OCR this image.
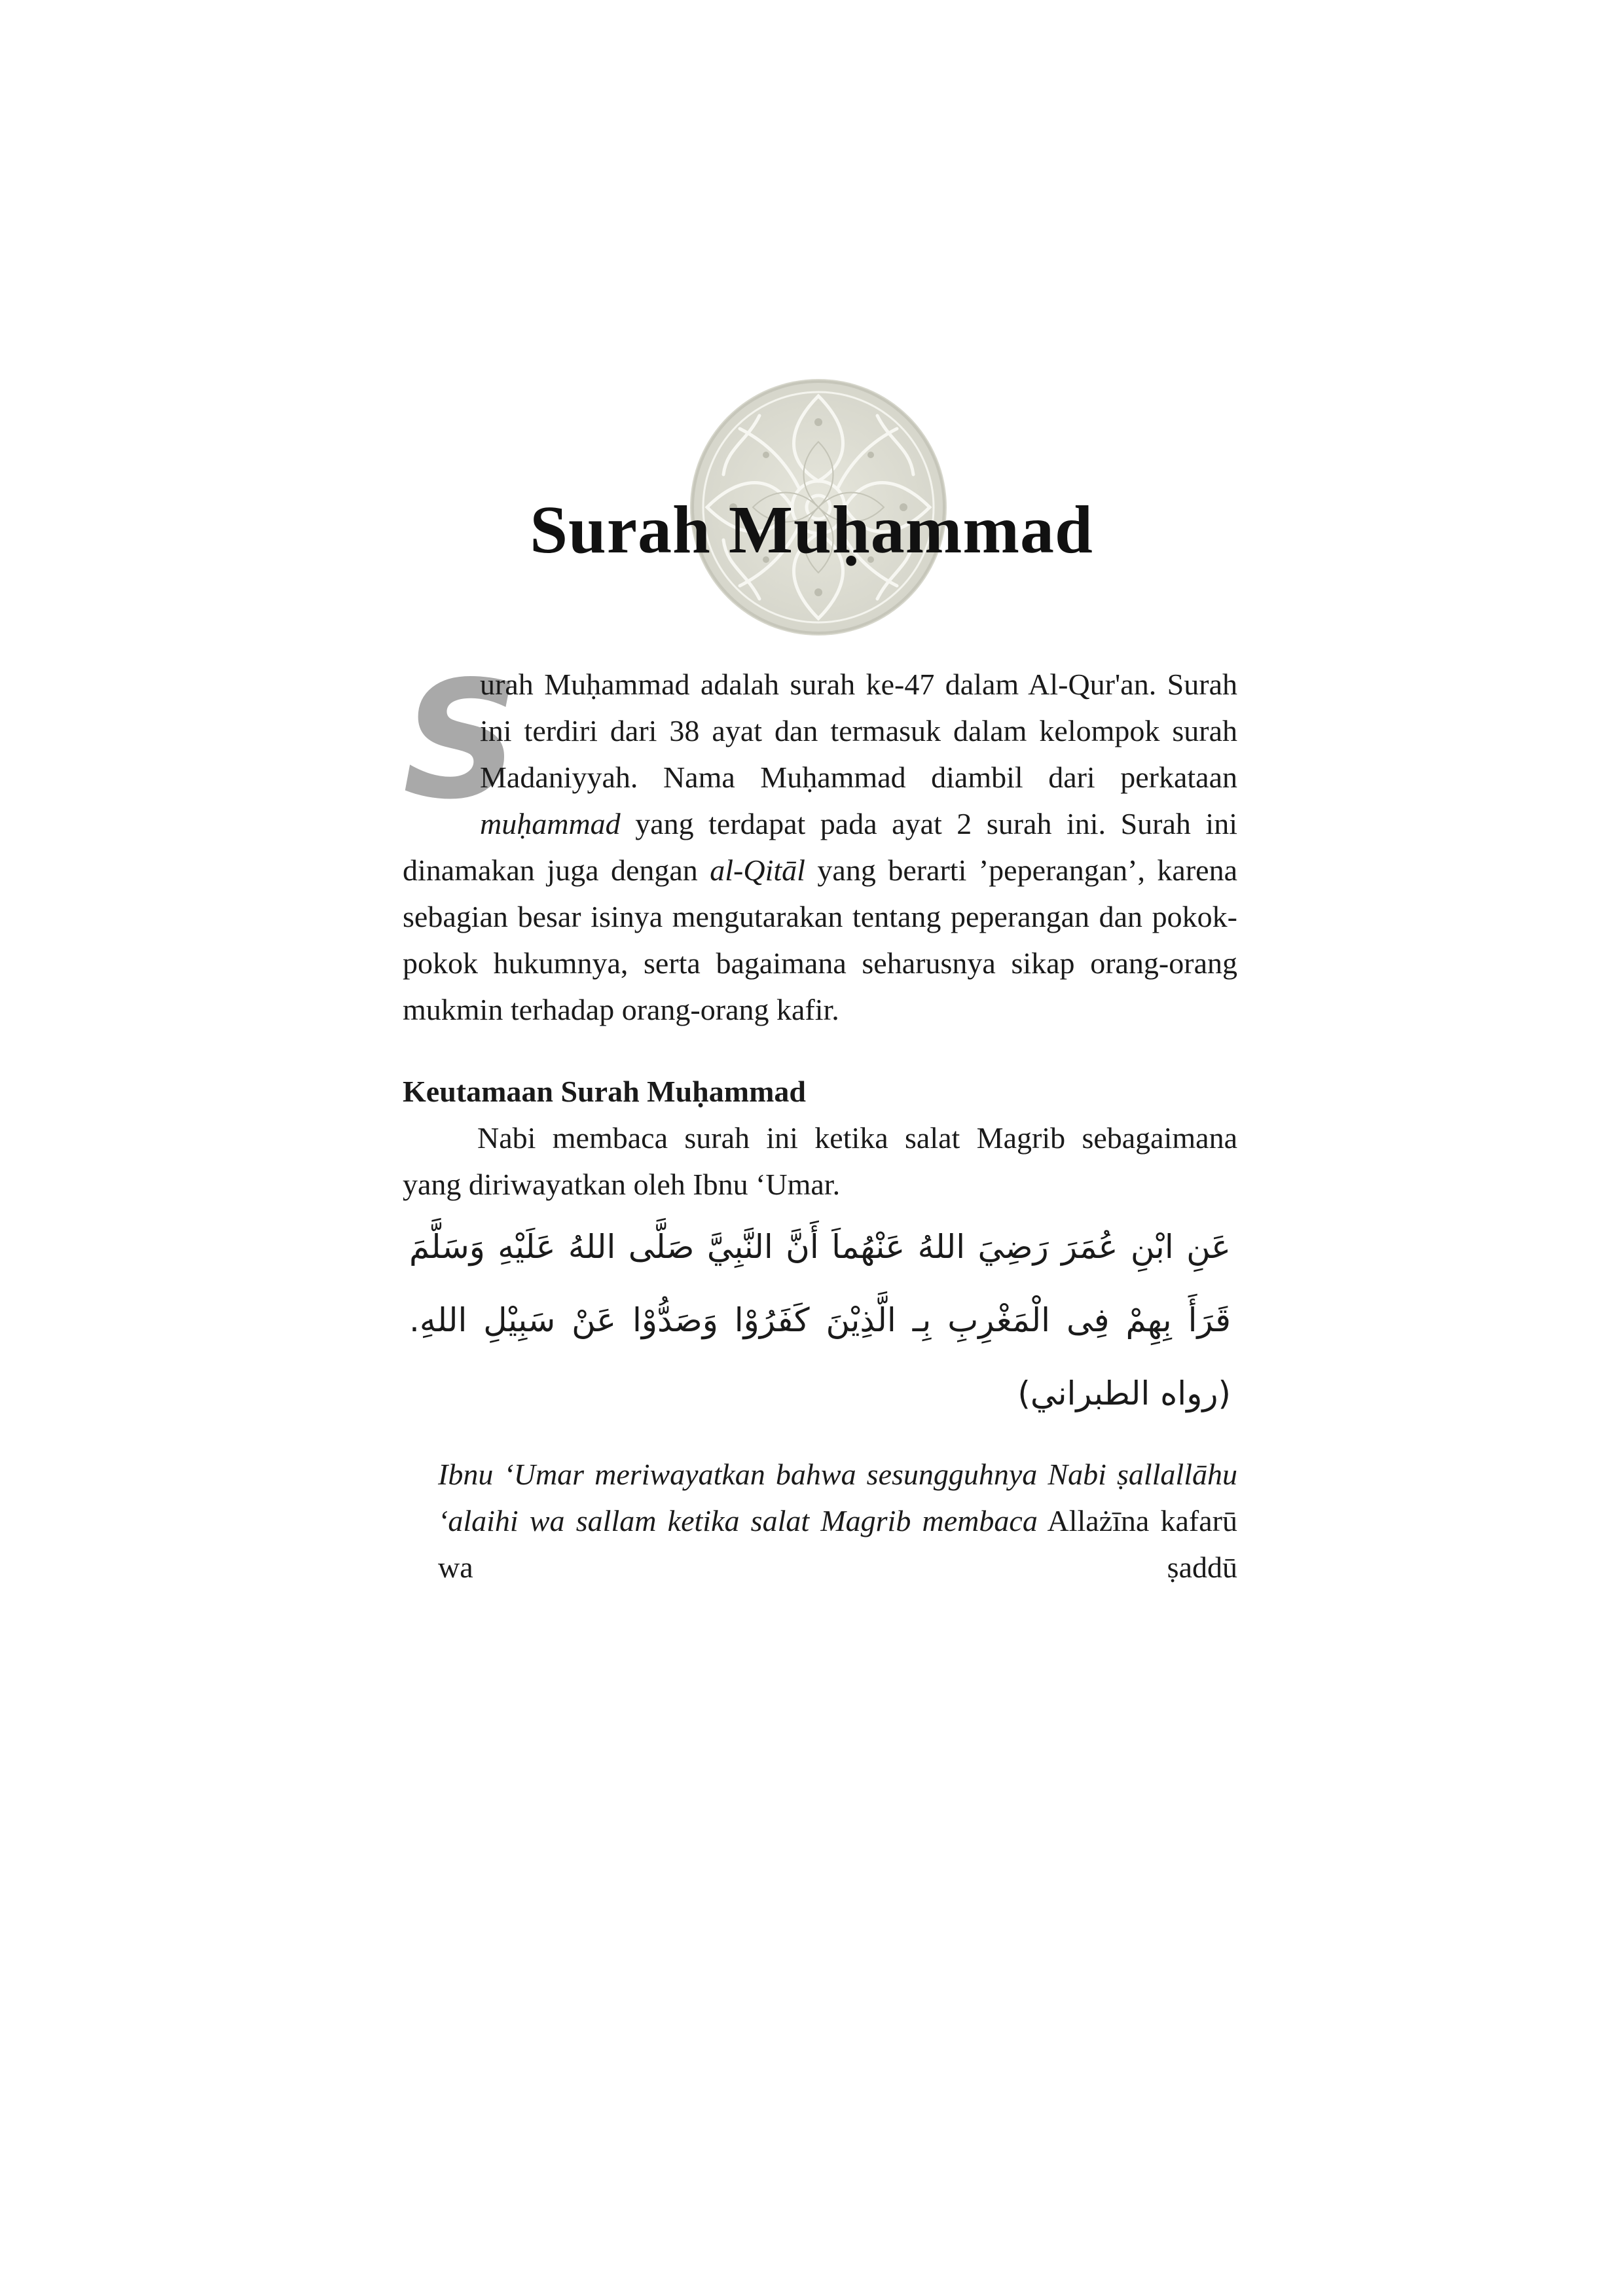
Surah Muḥammad
S
urah Muḥammad adalah surah ke-47 dalam Al-Qur'an. Surah ini terdiri dari 38 ayat dan termasuk dalam kelompok surah Madaniyyah. Nama Muḥammad diambil dari perkataan muḥammad yang terdapat pada ayat 2 surah ini. Surah ini dinamakan juga dengan al-Qitāl yang berarti ’peperangan’, karena sebagian besar isinya mengutarakan tentang peperangan dan pokok-pokok hukumnya, serta bagaimana seharusnya sikap orang-orang mukmin terhadap orang-orang kafir.
Keutamaan Surah Muḥammad
Nabi membaca surah ini ketika salat Magrib sebagaimana yang diriwayatkan oleh Ibnu ‘Umar.
عَنِ ابْنِ عُمَرَ رَضِيَ اللهُ عَنْهُماَ أَنَّ النَّبِيَّ صَلَّى اللهُ عَلَيْهِ وَسَلَّمَ قَرَأَ بِهِمْ فِى الْمَغْرِبِ بِـ الَّذِيْنَ كَفَرُوْا وَصَدُّوْا عَنْ سَبِيْلِ اللهِ. (رواه الطبراني)
Ibnu ‘Umar meriwayatkan bahwa sesungguhnya Nabi ṣallallāhu ‘alaihi wa sallam ketika salat Magrib membaca Allażīna kafarū wa ṣaddū
